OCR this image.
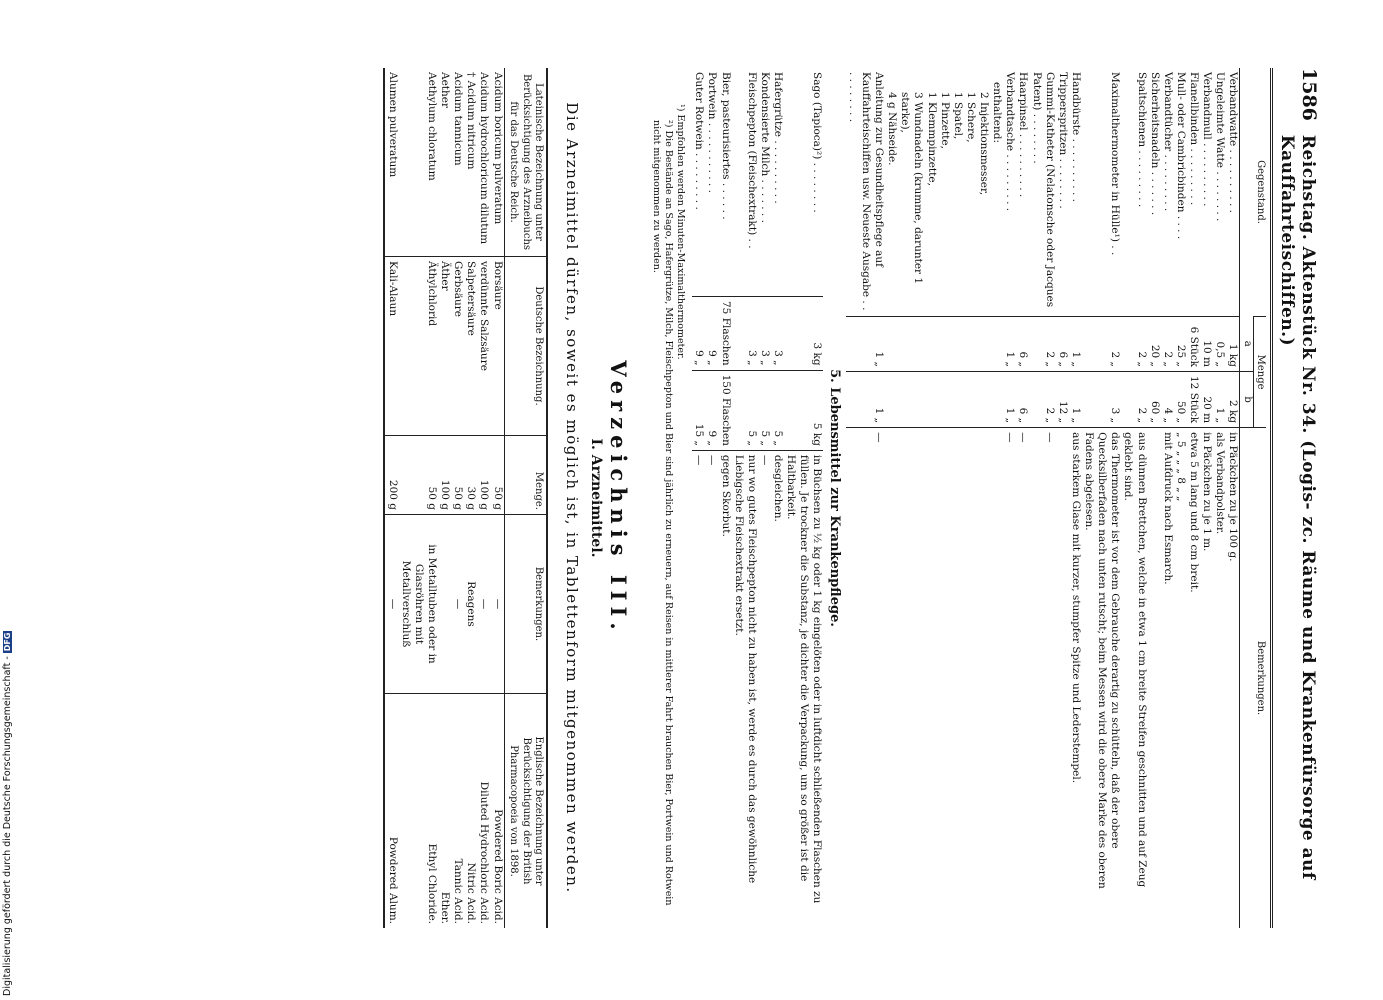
1586
Reichstag. Aktenstück Nr. 34. (Logis- zc. Räume und Krankenfürsorge auf Kauffahrteischiffen.)
Gegenstand.	Menge		Bemerkungen.
	a	b	
Verbandwatte . . . . . . . . . .	1 kg	2 kg	in Päckchen zu je 100 g.
Ungeleimte Watte . . . . . . . .	0,5 „	1 „	als Verbandpolster.
Verbandmull . . . . . . . . . .	10 m	20 m	in Päckchen zu je 1 m.
Flanellbinden . . . . . . . . .	6 Stück	12 Stück	etwa 5 m lang und 8 cm breit.
Mull- oder Cambricbinden . . . .	25 „	50 „	„ 5 „ „ „ 8 „ „
Verbandtücher . . . . . . . . .	2 „	4 „	mit Aufdruck nach Esmarch.
Sicherheitsnadeln . . . . . . .	20 „	60 „	
Spaltschienen . . . . . . . . .	2 „	2 „	aus dünnen Brettchen, welche in etwa 1 cm breite Streifen geschnitten und auf Zeug geklebt sind.
Maximalthermometer in Hülle¹) . .	2 „	3 „	das Thermometer ist vor dem Gebrauche derartig zu schütteln, daß der obere Quecksilberfaden nach unten rutscht; beim Messen wird die obere Marke des oberen Fadens abgelesen.
Handbürste . . . . . . . . . .	1 „	1 „	aus starkem Glase mit kurzer, stumpfer Spitze und Lederstempel.
Tripperspritzen . . . . . . . .	6 „	12 „	
Gummi-Katheter (Nelatonsche oder Jacques Patent) . . . . . . . .	2 „	2 „	—
Haarpinsel . . . . . . . . . .	6 „	6 „	—
Verbandtasche . . . . . . . . .	1 „	1 „	—
enthaltend:			
2 Injektionsmesser,			
1 Schere,			
1 Spatel,			
1 Pinzette,			
1 Klemmpinzette,			
3 Wundnadeln (krumme, darunter 1 starke),			
4 g Nähseide.			
Anleitung zur Gesundheitspflege auf Kauffahrteischiffen usw. Neueste Ausgabe . . . . . . . . . .	1 „	1 „	—
5. Lebensmittel zur Krankenpflege.
Sago (Tapioca)²) . . . . . . . .	3 kg	5 kg	in Büchsen zu ½ kg oder 1 kg eingelöten oder in luftdicht schließenden Flaschen zu füllen. Je trockner die Substanz, je dichter die Verpackung, um so größer ist die Haltbarkeit.
Hafergrütze . . . . . . . . . .	3 „	5 „	desgleichen.
Kondensierte Milch . . . . . . .	3 „	5 „	—
Fleischpepton (Fleischextrakt) . .	3 „	5 „	nur wo gutes Fleischpepton nicht zu haben ist, werde es durch das gewöhnliche Liebigsche Fleischextrakt ersetzt.
Bier, pasteurisiertes . . . . . .	75 Flaschen	150 Flaschen	gegen Skorbut.
Portwein . . . . . . . . . . .	9 „	9 „	—
Guter Rotwein . . . . . . . . .	9 „	15 „	—
¹) Empfohlen werden Minuten-Maximalthermometer.
²) Die Bestände an Sago, Hafergrütze, Milch, Fleischpepton und Bier sind jährlich zu erneuern, auf Reisen in mittlerer Fahrt brauchen Bier, Portwein und Rotwein nicht mitgenommen zu werden.
Verzeichnis III.
I. Arzneimittel.
Die Arzneimittel dürfen, soweit es möglich ist, in Tablettenform mitgenommen werden.
Lateinische Bezeichnung unter Berücksichtigung des Arzneibuchs für das Deutsche Reich.	Deutsche Bezeichnung.	Menge.	Bemerkungen.	Englische Bezeichnung unter Berücksichtigung der British Pharmacopoeia von 1898.
Acidum boricum pulveratum	Borsäure	50 g	—	Powdered Boric Acid.
Acidum hydrochloricum dilutum	verdünnte Salzsäure	100 g	—	Diluted Hydrochloric Acid.
† Acidum nitricum	Salpetersäure	30 g	Reagens	Nitric Acid.
Acidum tannicum	Gerbsäure	50 g	—	Tannic Acid.
Aether	Äther	100 g		Ether.
Aethylum chloratum	Äthylchlorid	50 g	in Metalltuben oder in Glasröhren mit Metallverschluß	Ethyl Chloride.
Alumen pulveratum	Kali-Alaun	200 g	—	Powdered Alum.
Digitalisierung gefördert durch die Deutsche Forschungsgemeinschaft - DFG
